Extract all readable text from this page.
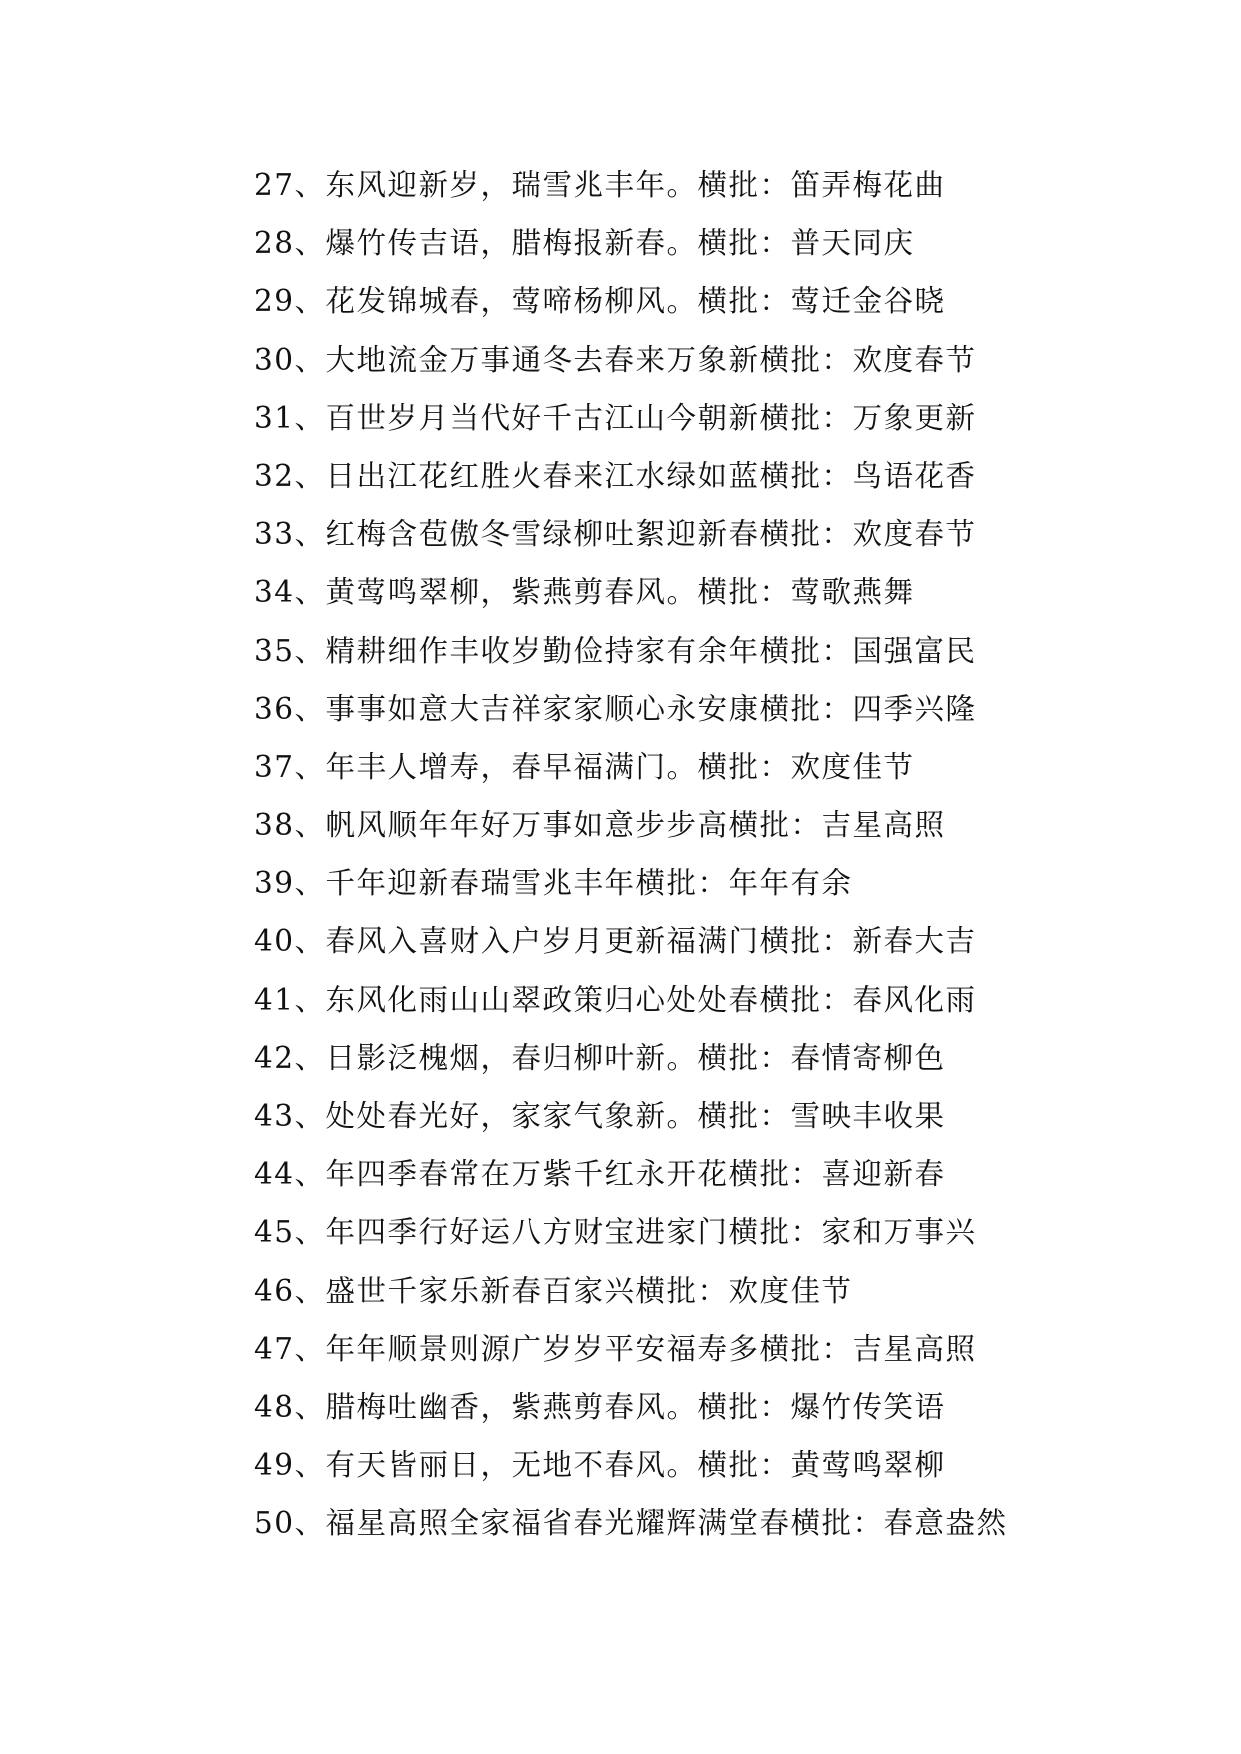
27、东风迎新岁，瑞雪兆丰年。横批：笛弄梅花曲
28、爆竹传吉语，腊梅报新春。横批：普天同庆
29、花发锦城春，莺啼杨柳风。横批：莺迁金谷晓
30、大地流金万事通冬去春来万象新横批：欢度春节
31、百世岁月当代好千古江山今朝新横批：万象更新
32、日出江花红胜火春来江水绿如蓝横批：鸟语花香
33、红梅含苞傲冬雪绿柳吐絮迎新春横批：欢度春节
34、黄莺鸣翠柳，紫燕剪春风。横批：莺歌燕舞
35、精耕细作丰收岁勤俭持家有余年横批：国强富民
36、事事如意大吉祥家家顺心永安康横批：四季兴隆
37、年丰人增寿，春早福满门。横批：欢度佳节
38、帆风顺年年好万事如意步步高横批：吉星高照
39、千年迎新春瑞雪兆丰年横批：年年有余
40、春风入喜财入户岁月更新福满门横批：新春大吉
41、东风化雨山山翠政策归心处处春横批：春风化雨
42、日影泛槐烟，春归柳叶新。横批：春情寄柳色
43、处处春光好，家家气象新。横批：雪映丰收果
44、年四季春常在万紫千红永开花横批：喜迎新春
45、年四季行好运八方财宝进家门横批：家和万事兴
46、盛世千家乐新春百家兴横批：欢度佳节
47、年年顺景则源广岁岁平安福寿多横批：吉星高照
48、腊梅吐幽香，紫燕剪春风。横批：爆竹传笑语
49、有天皆丽日，无地不春风。横批：黄莺鸣翠柳
50、福星高照全家福省春光耀辉满堂春横批：春意盎然
